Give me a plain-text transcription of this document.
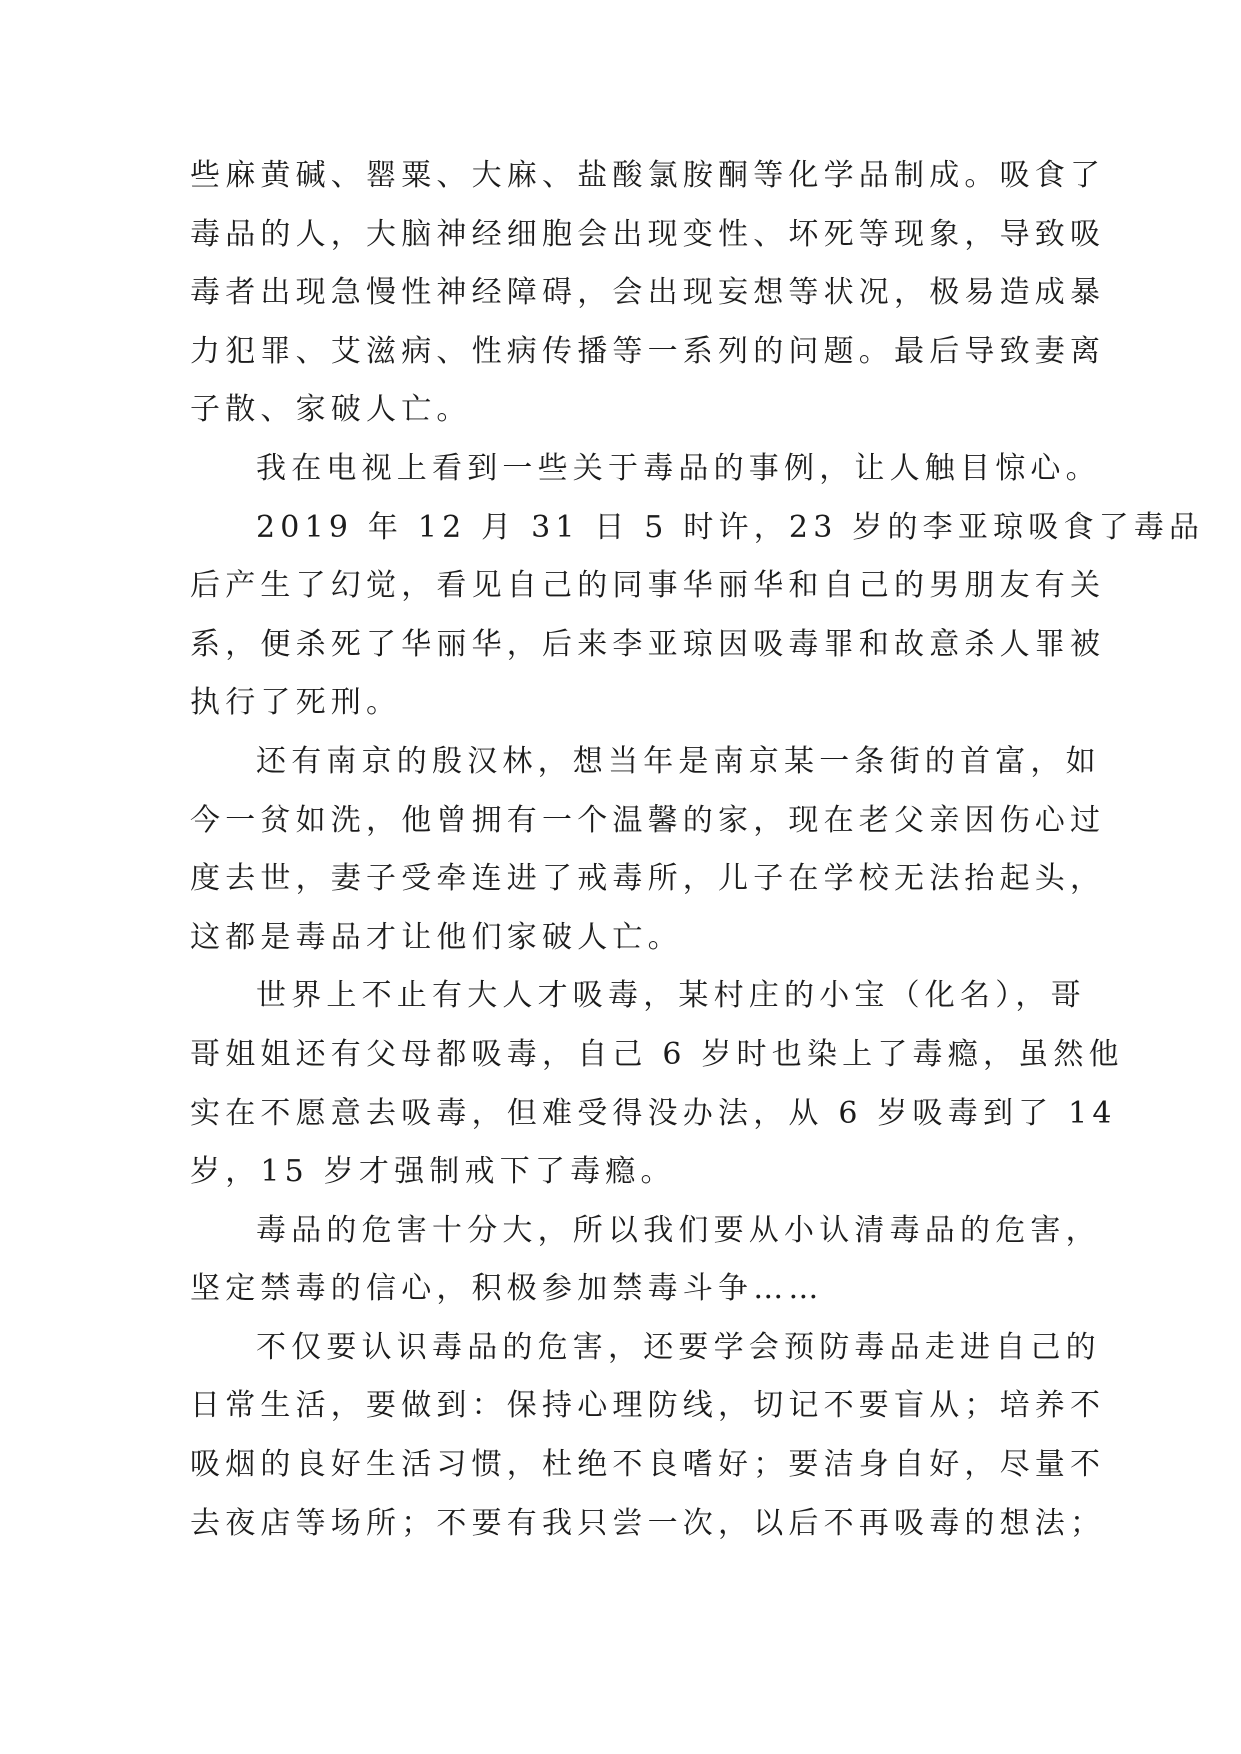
些麻黄碱、罂粟、大麻、盐酸氯胺酮等化学品制成。吸食了
毒品的人，大脑神经细胞会出现变性、坏死等现象，导致吸
毒者出现急慢性神经障碍，会出现妄想等状况，极易造成暴
力犯罪、艾滋病、性病传播等一系列的问题。最后导致妻离
子散、家破人亡。
我在电视上看到一些关于毒品的事例，让人触目惊心。
2019 年 12 月 31 日 5 时许，23 岁的李亚琼吸食了毒品
后产生了幻觉，看见自己的同事华丽华和自己的男朋友有关
系，便杀死了华丽华，后来李亚琼因吸毒罪和故意杀人罪被
执行了死刑。
还有南京的殷汉林，想当年是南京某一条街的首富，如
今一贫如洗，他曾拥有一个温馨的家，现在老父亲因伤心过
度去世，妻子受牵连进了戒毒所，儿子在学校无法抬起头，
这都是毒品才让他们家破人亡。
世界上不止有大人才吸毒，某村庄的小宝（化名），哥
哥姐姐还有父母都吸毒，自己 6 岁时也染上了毒瘾，虽然他
实在不愿意去吸毒，但难受得没办法，从 6 岁吸毒到了 14
岁，15 岁才强制戒下了毒瘾。
毒品的危害十分大，所以我们要从小认清毒品的危害，
坚定禁毒的信心，积极参加禁毒斗争……
不仅要认识毒品的危害，还要学会预防毒品走进自己的
日常生活，要做到：保持心理防线，切记不要盲从；培养不
吸烟的良好生活习惯，杜绝不良嗜好；要洁身自好，尽量不
去夜店等场所；不要有我只尝一次，以后不再吸毒的想法；
